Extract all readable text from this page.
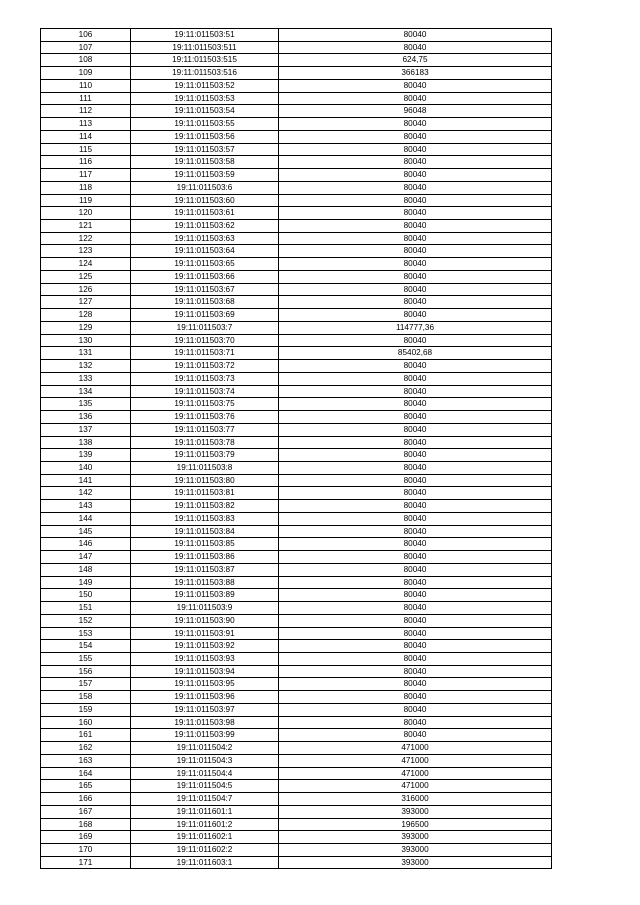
106	19:11:011503:51	80040
107	19:11:011503:511	80040
108	19:11:011503:515	624,75
109	19:11:011503:516	366183
110	19:11:011503:52	80040
111	19:11:011503:53	80040
112	19:11:011503:54	96048
113	19:11:011503:55	80040
114	19:11:011503:56	80040
115	19:11:011503:57	80040
116	19:11:011503:58	80040
117	19:11:011503:59	80040
118	19:11:011503:6	80040
119	19:11:011503:60	80040
120	19:11:011503:61	80040
121	19:11:011503:62	80040
122	19:11:011503:63	80040
123	19:11:011503:64	80040
124	19:11:011503:65	80040
125	19:11:011503:66	80040
126	19:11:011503:67	80040
127	19:11:011503:68	80040
128	19:11:011503:69	80040
129	19:11:011503:7	114777,36
130	19:11:011503:70	80040
131	19:11:011503:71	85402,68
132	19:11:011503:72	80040
133	19:11:011503:73	80040
134	19:11:011503:74	80040
135	19:11:011503:75	80040
136	19:11:011503:76	80040
137	19:11:011503:77	80040
138	19:11:011503:78	80040
139	19:11:011503:79	80040
140	19:11:011503:8	80040
141	19:11:011503:80	80040
142	19:11:011503:81	80040
143	19:11:011503:82	80040
144	19:11:011503:83	80040
145	19:11:011503:84	80040
146	19:11:011503:85	80040
147	19:11:011503:86	80040
148	19:11:011503:87	80040
149	19:11:011503:88	80040
150	19:11:011503:89	80040
151	19:11:011503:9	80040
152	19:11:011503:90	80040
153	19:11:011503:91	80040
154	19:11:011503:92	80040
155	19:11:011503:93	80040
156	19:11:011503:94	80040
157	19:11:011503:95	80040
158	19:11:011503:96	80040
159	19:11:011503:97	80040
160	19:11:011503:98	80040
161	19:11:011503:99	80040
162	19:11:011504:2	471000
163	19:11:011504:3	471000
164	19:11:011504:4	471000
165	19:11:011504:5	471000
166	19:11:011504:7	316000
167	19:11:011601:1	393000
168	19:11:011601:2	196500
169	19:11:011602:1	393000
170	19:11:011602:2	393000
171	19:11:011603:1	393000
